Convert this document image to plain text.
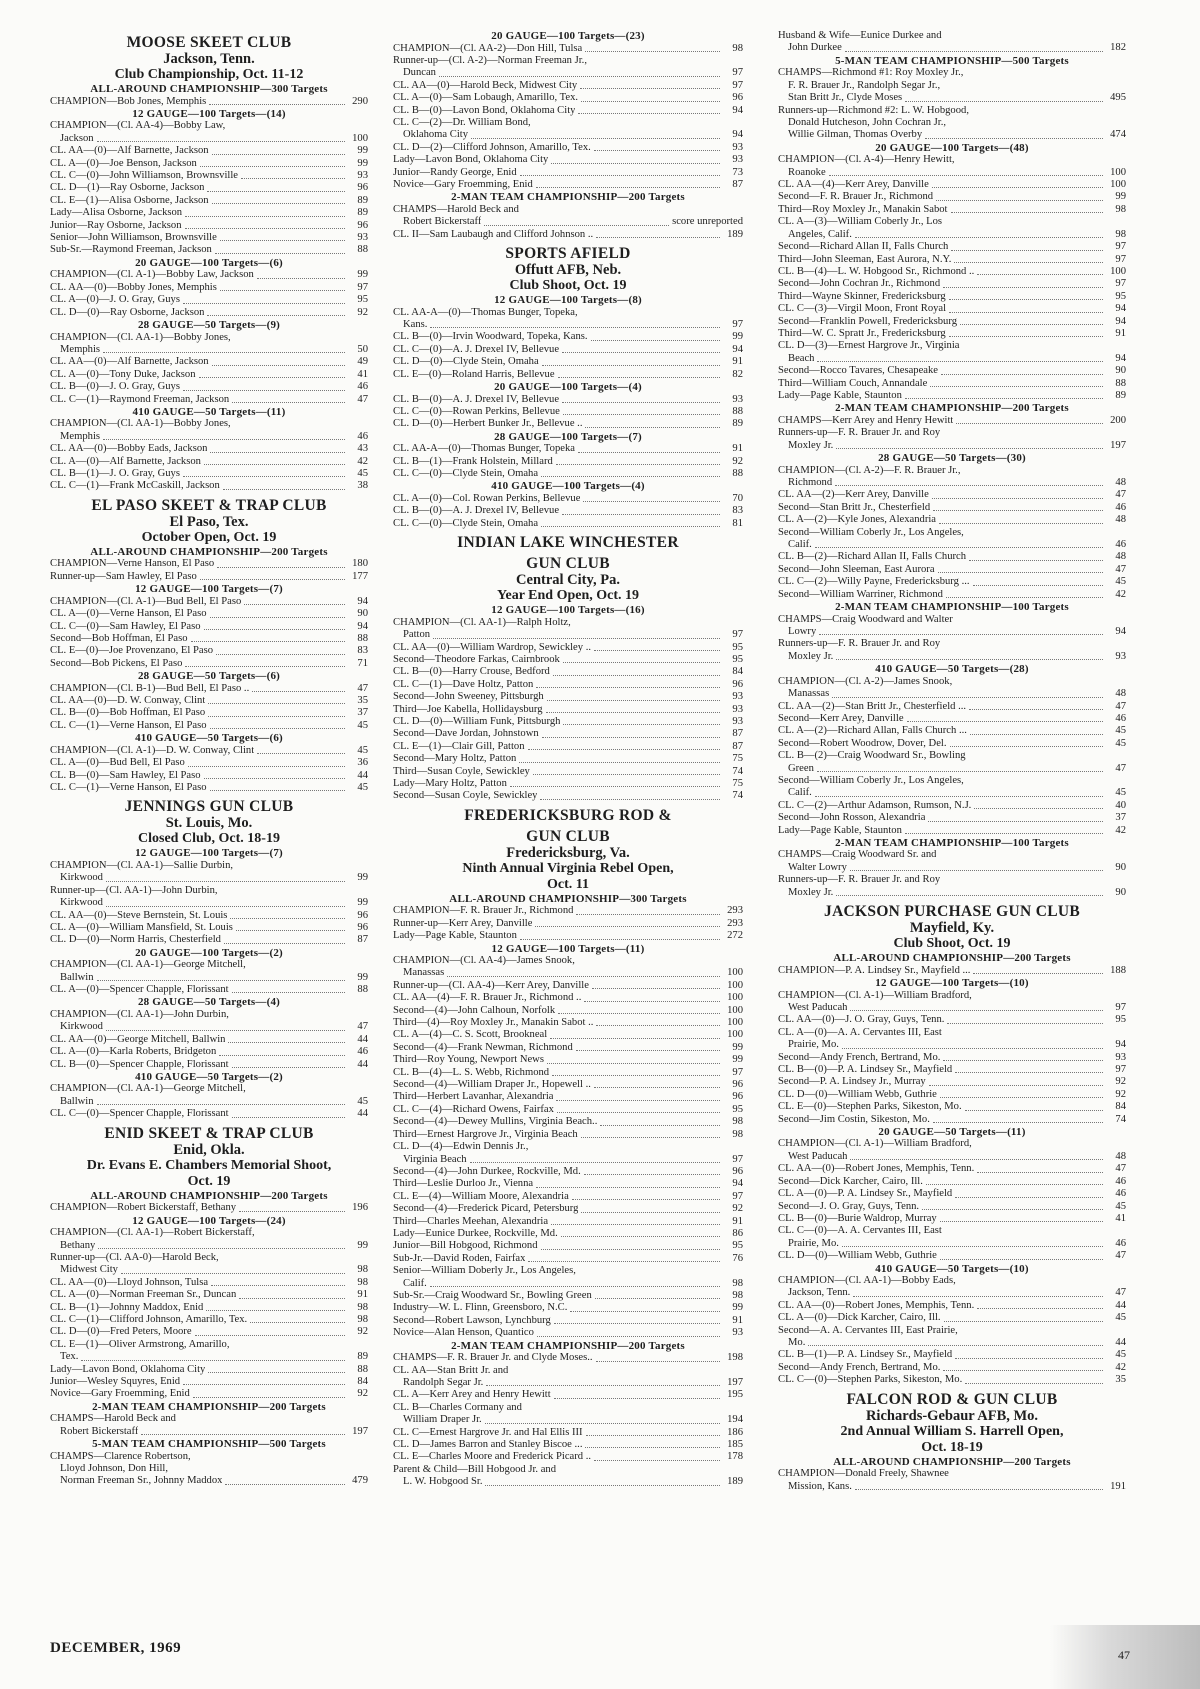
MOOSE SKEET CLUB
Jackson, Tenn.
Club Championship, Oct. 11-12
ALL-AROUND CHAMPIONSHIP—300 Targets
CHAMPION—Bob Jones, Memphis	290
12 GAUGE—100 Targets—(14)
CHAMPION—(Cl. AA-4)—Bobby Law,
Jackson	100
CL. AA—(0)—Alf Barnette, Jackson	99
CL. A—(0)—Joe Benson, Jackson	99
CL. C—(0)—John Williamson, Brownsville	93
CL. D—(1)—Ray Osborne, Jackson	96
CL. E—(1)—Alisa Osborne, Jackson	89
Lady—Alisa Osborne, Jackson	89
Junior—Ray Osborne, Jackson	96
Senior—John Williamson, Brownsville	93
Sub-Sr.—Raymond Freeman, Jackson	88
20 GAUGE—100 Targets—(6)
CHAMPION—(Cl. A-1)—Bobby Law, Jackson	99
CL. AA—(0)—Bobby Jones, Memphis	97
CL. A—(0)—J. O. Gray, Guys	95
CL. D—(0)—Ray Osborne, Jackson	92
28 GAUGE—50 Targets—(9)
CHAMPION—(Cl. AA-1)—Bobby Jones,
Memphis	50
CL. AA—(0)—Alf Barnette, Jackson	49
CL. A—(0)—Tony Duke, Jackson	41
CL. B—(0)—J. O. Gray, Guys	46
CL. C—(1)—Raymond Freeman, Jackson	47
410 GAUGE—50 Targets—(11)
CHAMPION—(Cl. AA-1)—Bobby Jones,
Memphis	46
CL. AA—(0)—Bobby Eads, Jackson	43
CL. A—(0)—Alf Barnette, Jackson	42
CL. B—(1)—J. O. Gray, Guys	45
CL. C—(1)—Frank McCaskill, Jackson	38
EL PASO SKEET & TRAP CLUB
El Paso, Tex.
October Open, Oct. 19
ALL-AROUND CHAMPIONSHIP—200 Targets
CHAMPION—Verne Hanson, El Paso	180
Runner-up—Sam Hawley, El Paso	177
12 GAUGE—100 Targets—(7)
CHAMPION—(Cl. A-1)—Bud Bell, El Paso	94
CL. A—(0)—Verne Hanson, El Paso	90
CL. C—(0)—Sam Hawley, El Paso	94
Second—Bob Hoffman, El Paso	88
CL. E—(0)—Joe Provenzano, El Paso	83
Second—Bob Pickens, El Paso	71
28 GAUGE—50 Targets—(6)
CHAMPION—(Cl. B-1)—Bud Bell, El Paso ..	47
CL. AA—(0)—D. W. Conway, Clint	35
CL. B—(0)—Bob Hoffman, El Paso	37
CL. C—(1)—Verne Hanson, El Paso	45
410 GAUGE—50 Targets—(6)
CHAMPION—(Cl. A-1)—D. W. Conway, Clint	45
CL. A—(0)—Bud Bell, El Paso	36
CL. B—(0)—Sam Hawley, El Paso	44
CL. C—(1)—Verne Hanson, El Paso	45
JENNINGS GUN CLUB
St. Louis, Mo.
Closed Club, Oct. 18-19
12 GAUGE—100 Targets—(7)
CHAMPION—(Cl. AA-1)—Sallie Durbin,
Kirkwood	99
Runner-up—(Cl. AA-1)—John Durbin,
Kirkwood	99
CL. AA—(0)—Steve Bernstein, St. Louis	96
CL. A—(0)—William Mansfield, St. Louis	96
CL. D—(0)—Norm Harris, Chesterfield	87
20 GAUGE—100 Targets—(2)
CHAMPION—(Cl. AA-1)—George Mitchell,
Ballwin	99
CL. A—(0)—Spencer Chapple, Florissant	88
28 GAUGE—50 Targets—(4)
CHAMPION—(Cl. AA-1)—John Durbin,
Kirkwood	47
CL. AA—(0)—George Mitchell, Ballwin	44
CL. A—(0)—Karla Roberts, Bridgeton	46
CL. B—(0)—Spencer Chapple, Florissant	44
410 GAUGE—50 Targets—(2)
CHAMPION—(Cl. AA-1)—George Mitchell,
Ballwin	45
CL. C—(0)—Spencer Chapple, Florissant	44
ENID SKEET & TRAP CLUB
Enid, Okla.
Dr. Evans E. Chambers Memorial Shoot,
Oct. 19
ALL-AROUND CHAMPIONSHIP—200 Targets
CHAMPION—Robert Bickerstaff, Bethany	196
12 GAUGE—100 Targets—(24)
CHAMPION—(Cl. AA-1)—Robert Bickerstaff,
Bethany	99
Runner-up—(Cl. AA-0)—Harold Beck,
Midwest City	98
CL. AA—(0)—Lloyd Johnson, Tulsa	98
CL. A—(0)—Norman Freeman Sr., Duncan	91
CL. B—(1)—Johnny Maddox, Enid	98
CL. C—(1)—Clifford Johnson, Amarillo, Tex.	98
CL. D—(0)—Fred Peters, Moore	92
CL. E—(1)—Oliver Armstrong, Amarillo,
Tex.	89
Lady—Lavon Bond, Oklahoma City	88
Junior—Wesley Squyres, Enid	84
Novice—Gary Froemming, Enid	92
2-MAN TEAM CHAMPIONSHIP—200 Targets
CHAMPS—Harold Beck and
Robert Bickerstaff	197
5-MAN TEAM CHAMPIONSHIP—500 Targets
CHAMPS—Clarence Robertson,
Lloyd Johnson, Don Hill,
Norman Freeman Sr., Johnny Maddox	479
20 GAUGE—100 Targets—(23)
CHAMPION—(Cl. AA-2)—Don Hill, Tulsa	98
Runner-up—(Cl. A-2)—Norman Freeman Jr.,
Duncan	97
CL. AA—(0)—Harold Beck, Midwest City	97
CL. A—(0)—Sam Lobaugh, Amarillo, Tex.	96
CL. B—(0)—Lavon Bond, Oklahoma City	94
CL. C—(2)—Dr. William Bond,
Oklahoma City	94
CL. D—(2)—Clifford Johnson, Amarillo, Tex.	93
Lady—Lavon Bond, Oklahoma City	93
Junior—Randy George, Enid	73
Novice—Gary Froemming, Enid	87
2-MAN TEAM CHAMPIONSHIP—200 Targets
CHAMPS—Harold Beck and
Robert Bickerstaff	score unreported
CL. II—Sam Laubaugh and Clifford Johnson ..	189
SPORTS AFIELD
Offutt AFB, Neb.
Club Shoot, Oct. 19
12 GAUGE—100 Targets—(8)
CL. AA-A—(0)—Thomas Bunger, Topeka,
Kans.	97
CL. B—(0)—Irvin Woodward, Topeka, Kans.	99
CL. C—(0)—A. J. Drexel IV, Bellevue	94
CL. D—(0)—Clyde Stein, Omaha	91
CL. E—(0)—Roland Harris, Bellevue	82
20 GAUGE—100 Targets—(4)
CL. B—(0)—A. J. Drexel IV, Bellevue	93
CL. C—(0)—Rowan Perkins, Bellevue	88
CL. D—(0)—Herbert Bunker Jr., Bellevue ..	89
28 GAUGE—100 Targets—(7)
CL. AA-A—(0)—Thomas Bunger, Topeka	91
CL. B—(1)—Frank Holstein, Millard	92
CL. C—(0)—Clyde Stein, Omaha	88
410 GAUGE—100 Targets—(4)
CL. A—(0)—Col. Rowan Perkins, Bellevue	70
CL. B—(0)—A. J. Drexel IV, Bellevue	83
CL. C—(0)—Clyde Stein, Omaha	81
INDIAN LAKE WINCHESTER
GUN CLUB
Central City, Pa.
Year End Open, Oct. 19
12 GAUGE—100 Targets—(16)
CHAMPION—(Cl. AA-1)—Ralph Holtz,
Patton	97
CL. AA—(0)—William Wardrop, Sewickley ..	95
Second—Theodore Farkas, Cairnbrook	95
CL. B—(0)—Harry Crouse, Bedford	84
CL. C—(1)—Dave Holtz, Patton	96
Second—John Sweeney, Pittsburgh	93
Third—Joe Kabella, Hollidaysburg	93
CL. D—(0)—William Funk, Pittsburgh	93
Second—Dave Jordan, Johnstown	87
CL. E—(1)—Clair Gill, Patton	87
Second—Mary Holtz, Patton	75
Third—Susan Coyle, Sewickley	74
Lady—Mary Holtz, Patton	75
Second—Susan Coyle, Sewickley	74
FREDERICKSBURG ROD &
GUN CLUB
Fredericksburg, Va.
Ninth Annual Virginia Rebel Open,
Oct. 11
ALL-AROUND CHAMPIONSHIP—300 Targets
CHAMPION—F. R. Brauer Jr., Richmond	293
Runner-up—Kerr Arey, Danville	293
Lady—Page Kable, Staunton	272
12 GAUGE—100 Targets—(11)
CHAMPION—(Cl. AA-4)—James Snook,
Manassas	100
Runner-up—(Cl. AA-4)—Kerr Arey, Danville	100
CL. AA—(4)—F. R. Brauer Jr., Richmond ..	100
Second—(4)—John Calhoun, Norfolk	100
Third—(4)—Roy Moxley Jr., Manakin Sabot ..	100
CL. A—(4)—C. S. Scott, Brookneal	100
Second—(4)—Frank Newman, Richmond	99
Third—Roy Young, Newport News	99
CL. B—(4)—L. S. Webb, Richmond	97
Second—(4)—William Draper Jr., Hopewell ..	96
Third—Herbert Lavanhar, Alexandria	96
CL. C—(4)—Richard Owens, Fairfax	95
Second—(4)—Dewey Mullins, Virginia Beach..	98
Third—Ernest Hargrove Jr., Virginia Beach	98
CL. D—(4)—Edwin Dennis Jr.,
Virginia Beach	97
Second—(4)—John Durkee, Rockville, Md.	96
Third—Leslie Durloo Jr., Vienna	94
CL. E—(4)—William Moore, Alexandria	97
Second—(4)—Frederick Picard, Petersburg	92
Third—Charles Meehan, Alexandria	91
Lady—Eunice Durkee, Rockville, Md.	86
Junior—Bill Hobgood, Richmond	95
Sub-Jr.—David Roden, Fairfax	76
Senior—William Doberly Jr., Los Angeles,
Calif.	98
Sub-Sr.—Craig Woodward Sr., Bowling Green	98
Industry—W. L. Flinn, Greensboro, N.C.	99
Second—Robert Lawson, Lynchburg	91
Novice—Alan Henson, Quantico	93
2-MAN TEAM CHAMPIONSHIP—200 Targets
CHAMPS—F. R. Brauer Jr. and Clyde Moses..	198
CL. AA—Stan Britt Jr. and
Randolph Segar Jr.	197
CL. A—Kerr Arey and Henry Hewitt	195
CL. B—Charles Cormany and
William Draper Jr.	194
CL. C—Ernest Hargrove Jr. and Hal Ellis III	186
CL. D—James Barron and Stanley Biscoe ...	185
CL. E—Charles Moore and Frederick Picard ..	178
Parent & Child—Bill Hobgood Jr. and
L. W. Hobgood Sr.	189
Husband & Wife—Eunice Durkee and
John Durkee	182
5-MAN TEAM CHAMPIONSHIP—500 Targets
CHAMPS—Richmond #1: Roy Moxley Jr.,
F. R. Brauer Jr., Randolph Segar Jr.,
Stan Britt Jr., Clyde Moses	495
Runners-up—Richmond #2: L. W. Hobgood,
Donald Hutcheson, John Cochran Jr.,
Willie Gilman, Thomas Overby	474
20 GAUGE—100 Targets—(48)
CHAMPION—(Cl. A-4)—Henry Hewitt,
Roanoke	100
CL. AA—(4)—Kerr Arey, Danville	100
Second—F. R. Brauer Jr., Richmond	99
Third—Roy Moxley Jr., Manakin Sabot	98
CL. A—(3)—William Coberly Jr., Los
Angeles, Calif.	98
Second—Richard Allan II, Falls Church	97
Third—John Sleeman, East Aurora, N.Y.	97
CL. B—(4)—L. W. Hobgood Sr., Richmond ..	100
Second—John Cochran Jr., Richmond	97
Third—Wayne Skinner, Fredericksburg	95
CL. C—(3)—Virgil Moon, Front Royal	94
Second—Franklin Powell, Fredericksburg	94
Third—W. C. Spratt Jr., Fredericksburg	91
CL. D—(3)—Ernest Hargrove Jr., Virginia
Beach	94
Second—Rocco Tavares, Chesapeake	90
Third—William Couch, Annandale	88
Lady—Page Kable, Staunton	89
2-MAN TEAM CHAMPIONSHIP—200 Targets
CHAMPS—Kerr Arey and Henry Hewitt	200
Runners-up—F. R. Brauer Jr. and Roy
Moxley Jr.	197
28 GAUGE—50 Targets—(30)
CHAMPION—(Cl. A-2)—F. R. Brauer Jr.,
Richmond	48
CL. AA—(2)—Kerr Arey, Danville	47
Second—Stan Britt Jr., Chesterfield	46
CL. A—(2)—Kyle Jones, Alexandria	48
Second—William Coberly Jr., Los Angeles,
Calif.	46
CL. B—(2)—Richard Allan II, Falls Church	48
Second—John Sleeman, East Aurora	47
CL. C—(2)—Willy Payne, Fredericksburg ...	45
Second—William Warriner, Richmond	42
2-MAN TEAM CHAMPIONSHIP—100 Targets
CHAMPS—Craig Woodward and Walter
Lowry	94
Runners-up—F. R. Brauer Jr. and Roy
Moxley Jr.	93
410 GAUGE—50 Targets—(28)
CHAMPION—(Cl. A-2)—James Snook,
Manassas	48
CL. AA—(2)—Stan Britt Jr., Chesterfield ...	47
Second—Kerr Arey, Danville	46
CL. A—(2)—Richard Allan, Falls Church ...	45
Second—Robert Woodrow, Dover, Del.	45
CL. B—(2)—Craig Woodward Sr., Bowling
Green	47
Second—William Coberly Jr., Los Angeles,
Calif.	45
CL. C—(2)—Arthur Adamson, Rumson, N.J.	40
Second—John Rosson, Alexandria	37
Lady—Page Kable, Staunton	42
2-MAN TEAM CHAMPIONSHIP—100 Targets
CHAMPS—Craig Woodward Sr. and
Walter Lowry	90
Runners-up—F. R. Brauer Jr. and Roy
Moxley Jr.	90
JACKSON PURCHASE GUN CLUB
Mayfield, Ky.
Club Shoot, Oct. 19
ALL-AROUND CHAMPIONSHIP—200 Targets
CHAMPION—P. A. Lindsey Sr., Mayfield ...	188
12 GAUGE—100 Targets—(10)
CHAMPION—(Cl. A-1)—William Bradford,
West Paducah	97
CL. AA—(0)—J. O. Gray, Guys, Tenn.	95
CL. A—(0)—A. A. Cervantes III, East
Prairie, Mo.	94
Second—Andy French, Bertrand, Mo.	93
CL. B—(0)—P. A. Lindsey Sr., Mayfield	97
Second—P. A. Lindsey Jr., Murray	92
CL. D—(0)—William Webb, Guthrie	92
CL. E—(0)—Stephen Parks, Sikeston, Mo.	84
Second—Jim Costin, Sikeston, Mo.	74
20 GAUGE—50 Targets—(11)
CHAMPION—(Cl. A-1)—William Bradford,
West Paducah	48
CL. AA—(0)—Robert Jones, Memphis, Tenn.	47
Second—Dick Karcher, Cairo, Ill.	46
CL. A—(0)—P. A. Lindsey Sr., Mayfield	46
Second—J. O. Gray, Guys, Tenn.	45
CL. B—(0)—Burie Waldrop, Murray	41
CL. C—(0)—A. A. Cervantes III, East
Prairie, Mo.	46
CL. D—(0)—William Webb, Guthrie	47
410 GAUGE—50 Targets—(10)
CHAMPION—(Cl. AA-1)—Bobby Eads,
Jackson, Tenn.	47
CL. AA—(0)—Robert Jones, Memphis, Tenn.	44
CL. A—(0)—Dick Karcher, Cairo, Ill.	45
Second—A. A. Cervantes III, East Prairie,
Mo.	44
CL. B—(1)—P. A. Lindsey Sr., Mayfield	45
Second—Andy French, Bertrand, Mo.	42
CL. C—(0)—Stephen Parks, Sikeston, Mo.	35
FALCON ROD & GUN CLUB
Richards-Gebaur AFB, Mo.
2nd Annual William S. Harrell Open,
Oct. 18-19
ALL-AROUND CHAMPIONSHIP—200 Targets
CHAMPION—Donald Freely, Shawnee
Mission, Kans.	191
DECEMBER, 1969	47
